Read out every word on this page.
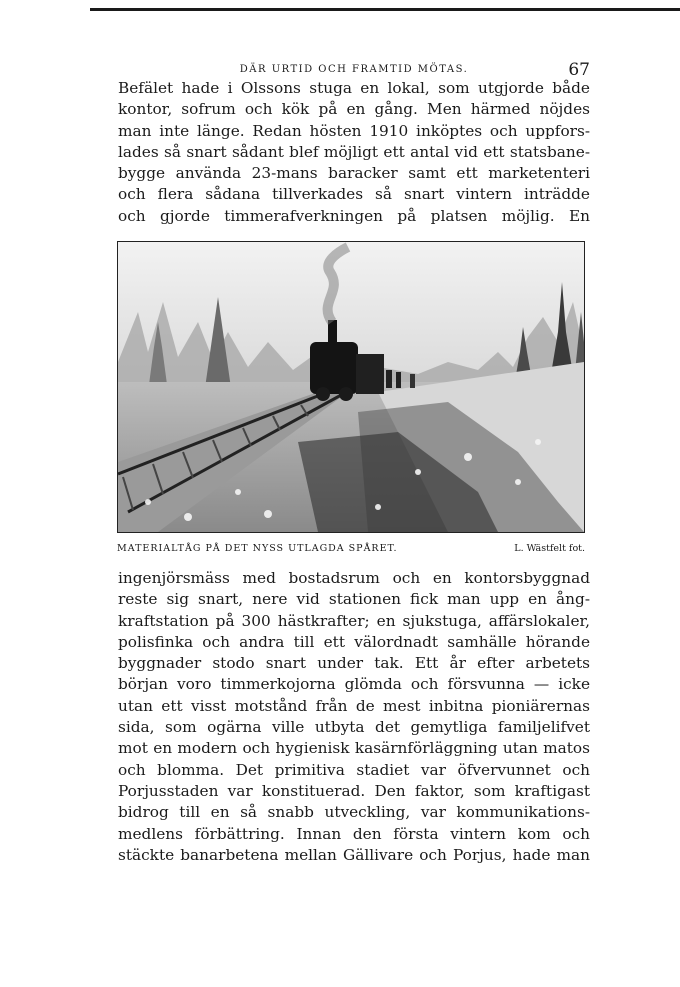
DÄR URTID OCH FRAMTID MÖTAS.	67
Befälet hade i Olssons stuga en lokal, som utgjorde både
kontor, sofrum och kök på en gång. Men härmed nöjdes
man inte länge. Redan hösten 1910 inköptes och uppfors-
lades så snart sådant blef möjligt ett antal vid ett statsbane-
bygge använda 23-mans baracker samt ett marketenteri
och flera sådana tillverkades så snart vintern inträdde
och gjorde timmerafverkningen på platsen möjlig. En
MATERIALTÅG PÅ DET NYSS UTLAGDA SPÅRET.	L. Wästfelt fot.
ingenjörsmäss med bostadsrum och en kontorsbyggnad
reste sig snart, nere vid stationen fick man upp en ång-
kraftstation på 300 hästkrafter; en sjukstuga, affärslokaler,
polisfinka och andra till ett välordnadt samhälle hörande
byggnader stodo snart under tak. Ett år efter arbetets
början voro timmerkojorna glömda och försvunna — icke
utan ett visst motstånd från de mest inbitna pioniärernas
sida, som ogärna ville utbyta det gemytliga familjelifvet
mot en modern och hygienisk kasärnförläggning utan matos
och blomma. Det primitiva stadiet var öfvervunnet och
Porjusstaden var konstituerad. Den faktor, som kraftigast
bidrog till en så snabb utveckling, var kommunikations-
medlens förbättring. Innan den första vintern kom och
stäckte banarbetena mellan Gällivare och Porjus, hade man
